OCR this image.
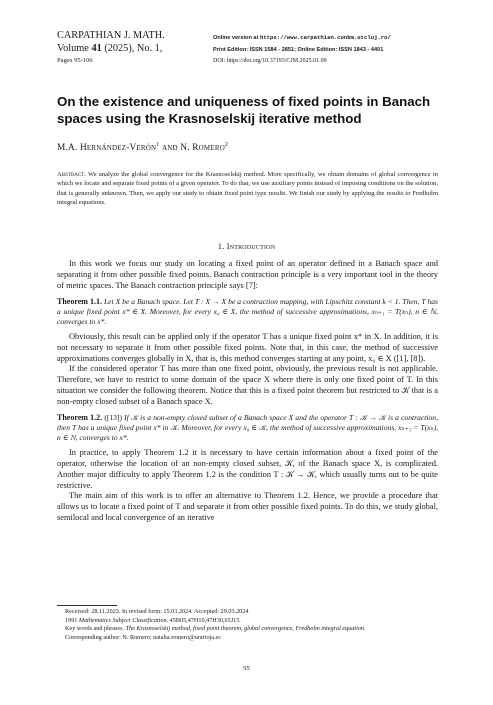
CARPATHIAN J. MATH.
Volume 41 (2025), No. 1,
Pages 95-106
Online version at https://www.carpathian.cunbm.utcluj.ro/
Print Edition: ISSN 1584 - 2851; Online Edition: ISSN 1843 - 4401
DOI: https://doi.org/10.37193/CJM.2025.01.09
On the existence and uniqueness of fixed points in Banach spaces using the Krasnoselskij iterative method
M.A. Hernández-Verón$^1$ and N. Romero$^2$
Abstract. We analyze the global convergence for the Krasnoselskij method. More specifically, we obtain domains of global convergence in which we locate and separate fixed points of a given operator. To do that, we use auxiliary points instead of imposing conditions on the solution, that is generally unknown. Then, we apply our study to obtain fixed point type results. We finish our study by applying the results to Fredholm integral equations.
1. Introduction

In this work we focus our study on locating a fixed point of an operator defined in a Banach space and separating it from other possible fixed points. Banach contraction principle is a very important tool in the theory of metric spaces. The Banach contraction principle says [7]:

Theorem 1.1. Let X be a Banach space. Let T : X → X be a contraction mapping, with Lipschitz constant k < 1. Then, T has a unique fixed point x* ∈ X. Moreover, for every x₀ ∈ X, the method of successive approximations, xₙ₊₁ = T(xₙ), n ∈ ℕ, converges to x*.

Obviously, this result can be applied only if the operator T has a unique fixed point x* in X. In addition, it is not necessary to separate it from other possible fixed points. Note that, in this case, the method of successive approximations converges globally in X, that is, this method converges starting at any point, x₀ ∈ X ([1], [8]).

If the considered operator T has more than one fixed point, obviously, the previous result is not applicable. Therefore, we have to restrict to some domain of the space X where there is only one fixed point of T. In this situation we consider the following theorem. Notice that this is a fixed point theorem but restricted to 𝒦 that is a non-empty closed subset of a Banach space X.

Theorem 1.2. ([13]) If 𝒦 is a non-empty closed subset of a Banach space X and the operator T : 𝒦 → 𝒦 is a contraction, then T has a unique fixed point x* in 𝒦. Moreover, for every x₀ ∈ 𝒦, the method of successive approximations, xₙ₊₁ = T(xₙ), n ∈ ℕ, converges to x*.

In practice, to apply Theorem 1.2 it is necessary to have certain information about a fixed point of the operator, otherwise the location of an non-empty closed subset, 𝒦, of the Banach space X, is complicated. Another major difficulty to apply Theorem 1.2 is the condition T : 𝒦 → 𝒦, which usually turns out to be quite restrictive.

The main aim of this work is to offer an alternative to Theorem 1.2. Hence, we provide a procedure that allows us to locate a fixed point of T and separate it from other possible fixed points. To do this, we study global, semilocal and local convergence of an iterative

Received: 28.11.2023. In revised form: 15.03.2024. Accepted: 29.03.2024

1991 Mathematics Subject Classification. 45B05,47H10,47H30,65J15.

Key words and phrases. The Krasnoselskij method, fixed point theorem, global convergence, Fredholm integral equation.

Corresponding author: N. Romero; natalia.romero@unirioja.es

95
